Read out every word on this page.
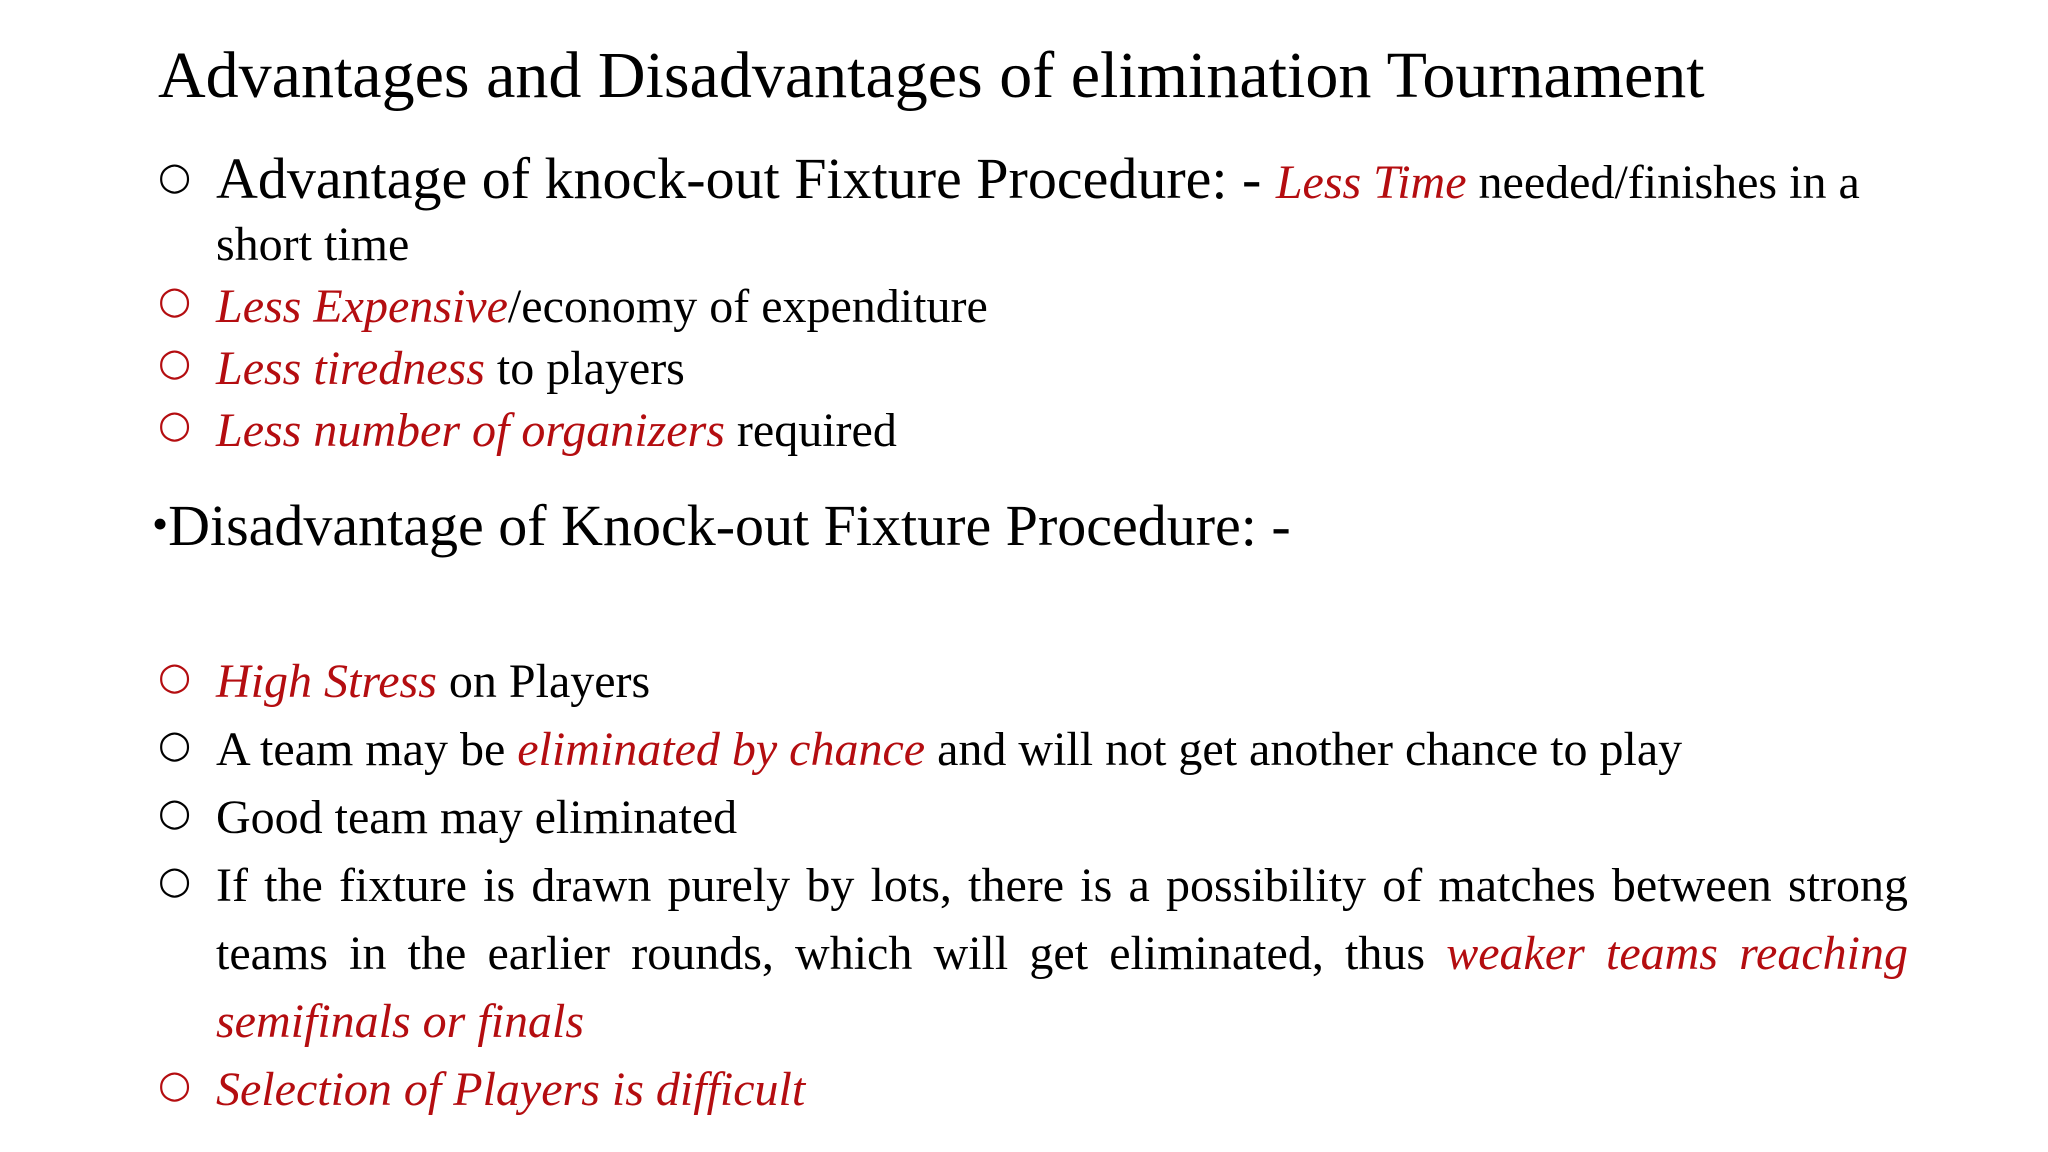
Advantages and Disadvantages of elimination Tournament
○ Advantage of knock-out Fixture Procedure: - Less Time needed/finishes in a short time
○ Less Expensive/economy of expenditure
○ Less tiredness to players
○ Less number of organizers required
•Disadvantage of Knock-out Fixture Procedure: -
○ High Stress on Players
○ A team may be eliminated by chance and will not get another chance to play
○ Good team may eliminated
○ If the fixture is drawn purely by lots, there is a possibility of matches between strong teams in the earlier rounds, which will get eliminated, thus weaker teams reaching semifinals or finals
○ Selection of Players is difficult
